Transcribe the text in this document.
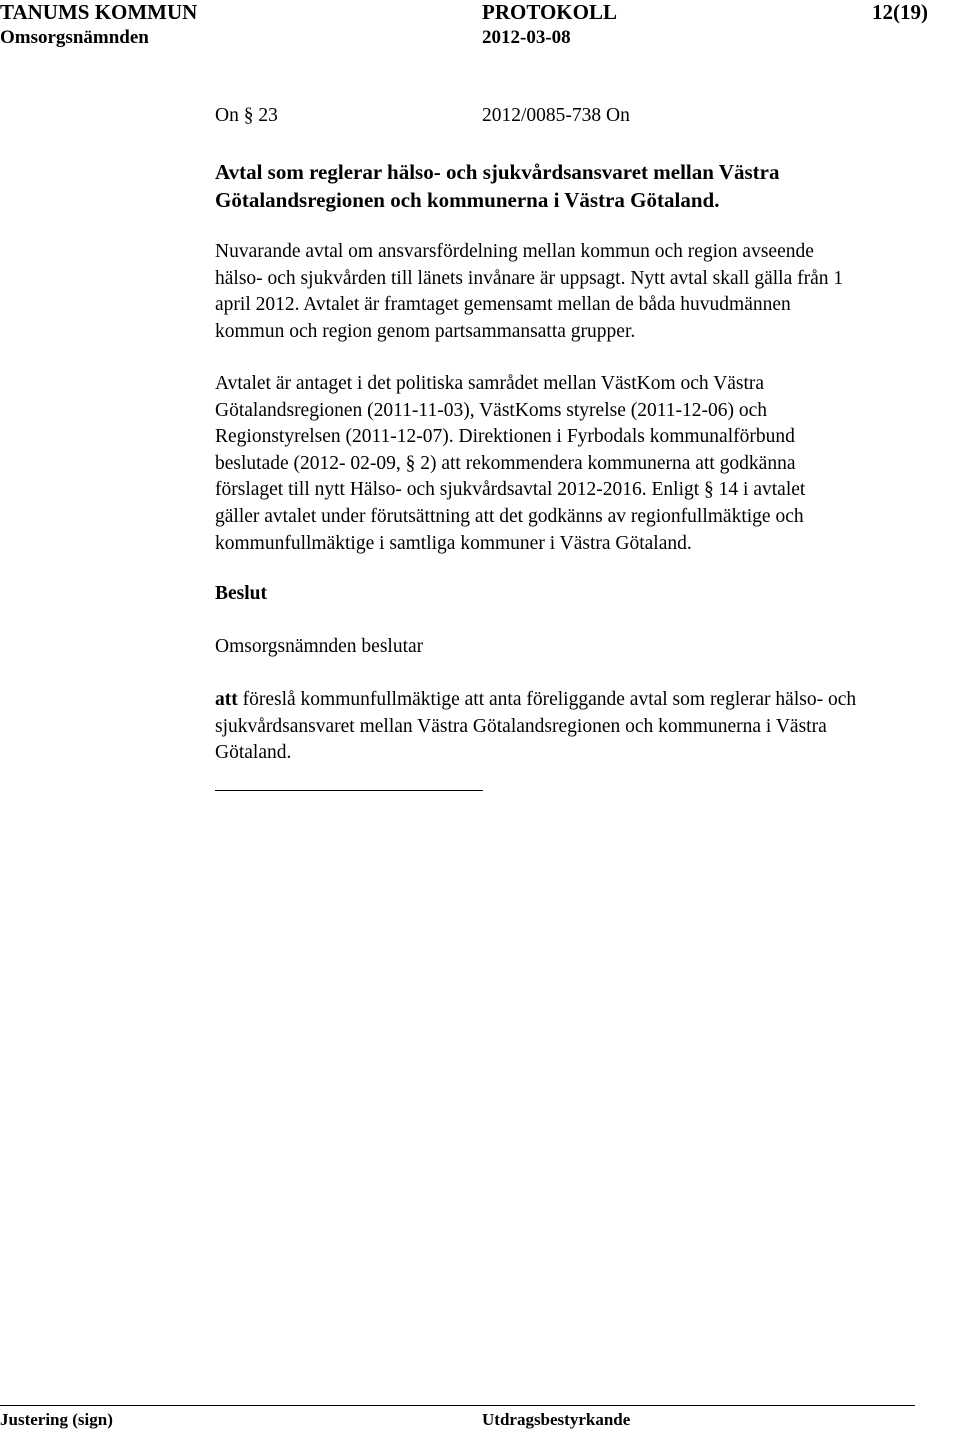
TANUMS KOMMUN	PROTOKOLL	12(19)
Omsorgsnämnden	2012-03-08
On § 23	2012/0085-738 On
Avtal som reglerar hälso- och sjukvårdsansvaret mellan Västra
Götalandsregionen och kommunerna i Västra Götaland.
Nuvarande avtal om ansvarsfördelning mellan kommun och region avseende
hälso- och sjukvården till länets invånare är uppsagt. Nytt avtal skall gälla från 1
april 2012. Avtalet är framtaget gemensamt mellan de båda huvudmännen
kommun och region genom partsammansatta grupper.
Avtalet är antaget i det politiska samrådet mellan VästKom och Västra
Götalandsregionen (2011-11-03), VästKoms styrelse (2011-12-06) och
Regionstyrelsen (2011-12-07). Direktionen i Fyrbodals kommunalförbund
beslutade (2012- 02-09, § 2) att rekommendera kommunerna att godkänna
förslaget till nytt Hälso- och sjukvårdsavtal 2012-2016. Enligt § 14 i avtalet
gäller avtalet under förutsättning att det godkänns av regionfullmäktige och
kommunfullmäktige i samtliga kommuner i Västra Götaland.
Beslut
Omsorgsnämnden beslutar
att föreslå kommunfullmäktige att anta föreliggande avtal som reglerar hälso- och
sjukvårdsansvaret mellan Västra Götalandsregionen och kommunerna i Västra
Götaland.
Justering (sign)	Utdragsbestyrkande
